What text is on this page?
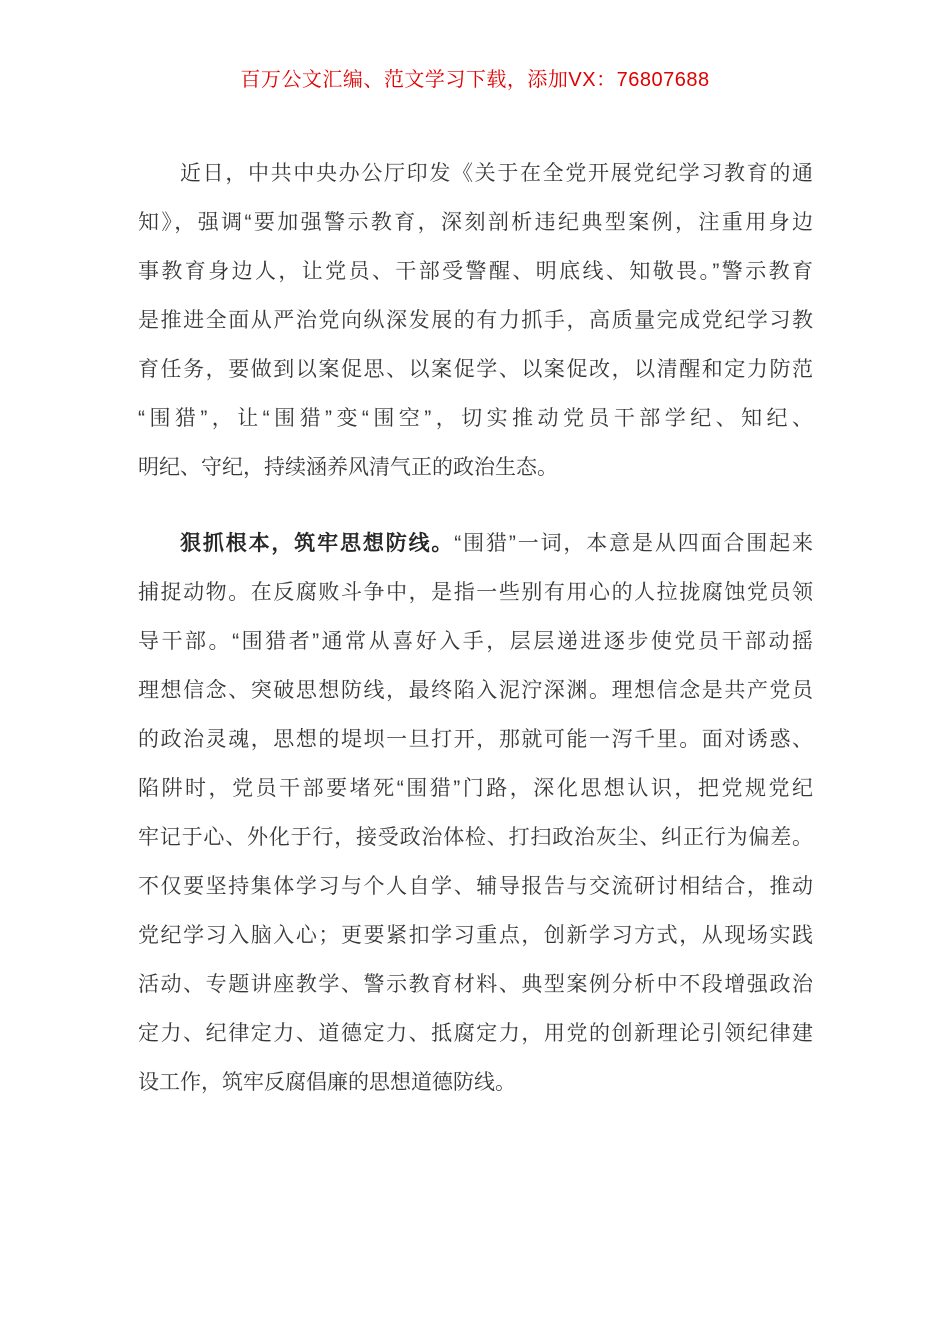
百万公文汇编、范文学习下载，添加VX：76807688
近日，中共中央办公厅印发《关于在全党开展党纪学习教育的通
知》，强调“要加强警示教育，深刻剖析违纪典型案例，注重用身边
事教育身边人，让党员、干部受警醒、明底线、知敬畏。”警示教育
是推进全面从严治党向纵深发展的有力抓手，高质量完成党纪学习教
育任务，要做到以案促思、以案促学、以案促改，以清醒和定力防范
“围猎”，让“围猎”变“围空”，切实推动党员干部学纪、知纪、
明纪、守纪，持续涵养风清气正的政治生态。
狠抓根本，筑牢思想防线。“围猎”一词，本意是从四面合围起来
捕捉动物。在反腐败斗争中，是指一些别有用心的人拉拢腐蚀党员领
导干部。“围猎者”通常从喜好入手，层层递进逐步使党员干部动摇
理想信念、突破思想防线，最终陷入泥泞深渊。理想信念是共产党员
的政治灵魂，思想的堤坝一旦打开，那就可能一泻千里。面对诱惑、
陷阱时，党员干部要堵死“围猎”门路，深化思想认识，把党规党纪
牢记于心、外化于行，接受政治体检、打扫政治灰尘、纠正行为偏差。
不仅要坚持集体学习与个人自学、辅导报告与交流研讨相结合，推动
党纪学习入脑入心；更要紧扣学习重点，创新学习方式，从现场实践
活动、专题讲座教学、警示教育材料、典型案例分析中不段增强政治
定力、纪律定力、道德定力、抵腐定力，用党的创新理论引领纪律建
设工作，筑牢反腐倡廉的思想道德防线。
